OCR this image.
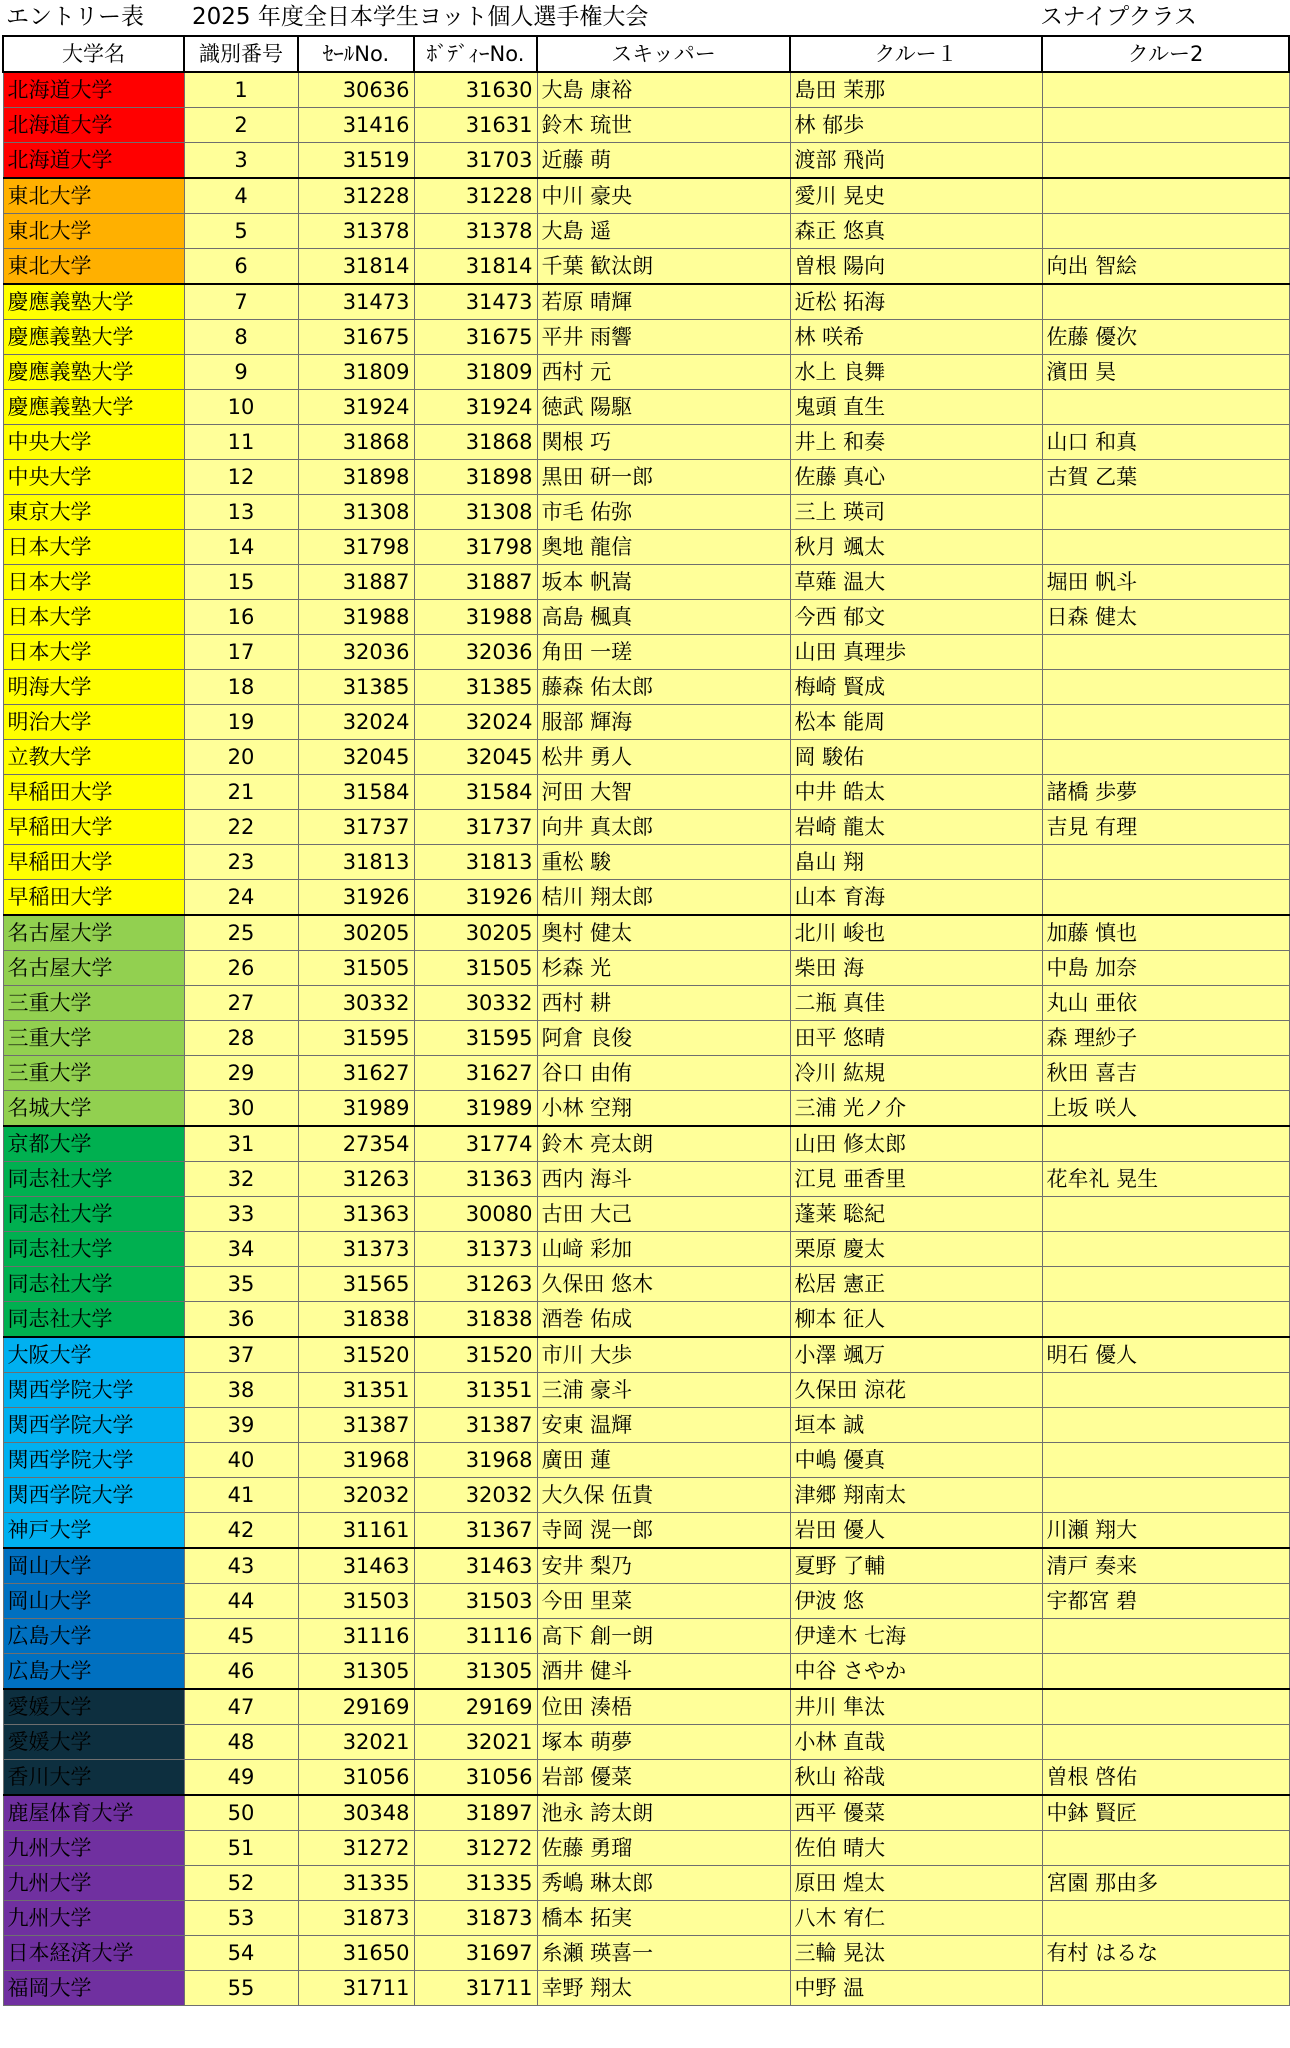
エントリー表 2025 年度全日本学生ヨット個人選手権大会	スナイプクラス
大学名	識別番号	ｾｰﾙNo.	ﾎﾞﾃﾞｨｰNo.	スキッパー	クルー１	クルー2
北海道大学	1	30636	31630	大島 康裕	島田 茉那	
北海道大学	2	31416	31631	鈴木 琉世	林 郁歩	
北海道大学	3	31519	31703	近藤 萌	渡部 飛尚	
東北大学	4	31228	31228	中川 豪央	愛川 晃史	
東北大学	5	31378	31378	大島 遥	森正 悠真	
東北大学	6	31814	31814	千葉 歓汰朗	曽根 陽向	向出 智絵
慶應義塾大学	7	31473	31473	若原 晴輝	近松 拓海	
慶應義塾大学	8	31675	31675	平井 雨響	林 咲希	佐藤 優次
慶應義塾大学	9	31809	31809	西村 元	水上 良舞	濱田 昊
慶應義塾大学	10	31924	31924	徳武 陽駆	鬼頭 直生	
中央大学	11	31868	31868	関根 巧	井上 和奏	山口 和真
中央大学	12	31898	31898	黒田 研一郎	佐藤 真心	古賀 乙葉
東京大学	13	31308	31308	市毛 佑弥	三上 瑛司	
日本大学	14	31798	31798	奥地 龍信	秋月 颯太	
日本大学	15	31887	31887	坂本 帆嵩	草薙 温大	堀田 帆斗
日本大学	16	31988	31988	高島 楓真	今西 郁文	日森 健太
日本大学	17	32036	32036	角田 一瑳	山田 真理歩	
明海大学	18	31385	31385	藤森 佑太郎	梅崎 賢成	
明治大学	19	32024	32024	服部 輝海	松本 能周	
立教大学	20	32045	32045	松井 勇人	岡 駿佑	
早稲田大学	21	31584	31584	河田 大智	中井 皓太	諸橋 歩夢
早稲田大学	22	31737	31737	向井 真太郎	岩崎 龍太	吉見 有理
早稲田大学	23	31813	31813	重松 駿	畠山 翔	
早稲田大学	24	31926	31926	桔川 翔太郎	山本 育海	
名古屋大学	25	30205	30205	奥村 健太	北川 峻也	加藤 慎也
名古屋大学	26	31505	31505	杉森 光	柴田 海	中島 加奈
三重大学	27	30332	30332	西村 耕	二瓶 真佳	丸山 亜依
三重大学	28	31595	31595	阿倉 良俊	田平 悠晴	森 理紗子
三重大学	29	31627	31627	谷口 由侑	冷川 紘規	秋田 喜吉
名城大学	30	31989	31989	小林 空翔	三浦 光ノ介	上坂 咲人
京都大学	31	27354	31774	鈴木 亮太朗	山田 修太郎	
同志社大学	32	31263	31363	西内 海斗	江見 亜香里	花牟礼 晃生
同志社大学	33	31363	30080	古田 大己	蓬莱 聡紀	
同志社大学	34	31373	31373	山﨑 彩加	栗原 慶太	
同志社大学	35	31565	31263	久保田 悠木	松居 憲正	
同志社大学	36	31838	31838	酒巻 佑成	柳本 征人	
大阪大学	37	31520	31520	市川 大歩	小澤 颯万	明石 優人
関西学院大学	38	31351	31351	三浦 豪斗	久保田 涼花	
関西学院大学	39	31387	31387	安東 温輝	垣本 誠	
関西学院大学	40	31968	31968	廣田 蓮	中嶋 優真	
関西学院大学	41	32032	32032	大久保 伍貴	津郷 翔南太	
神戸大学	42	31161	31367	寺岡 滉一郎	岩田 優人	川瀬 翔大
岡山大学	43	31463	31463	安井 梨乃	夏野 了輔	清戸 奏来
岡山大学	44	31503	31503	今田 里菜	伊波 悠	宇都宮 碧
広島大学	45	31116	31116	高下 創一朗	伊達木 七海	
広島大学	46	31305	31305	酒井 健斗	中谷 さやか	
愛媛大学	47	29169	29169	位田 湊梧	井川 隼汰	
愛媛大学	48	32021	32021	塚本 萌夢	小林 直哉	
香川大学	49	31056	31056	岩部 優菜	秋山 裕哉	曽根 啓佑
鹿屋体育大学	50	30348	31897	池永 誇太朗	西平 優菜	中鉢 賢匠
九州大学	51	31272	31272	佐藤 勇瑠	佐伯 晴大	
九州大学	52	31335	31335	秀嶋 琳太郎	原田 煌太	宮園 那由多
九州大学	53	31873	31873	橋本 拓実	八木 宥仁	
日本経済大学	54	31650	31697	糸瀬 瑛喜一	三輪 晃汰	有村 はるな
福岡大学	55	31711	31711	幸野 翔太	中野 温	
